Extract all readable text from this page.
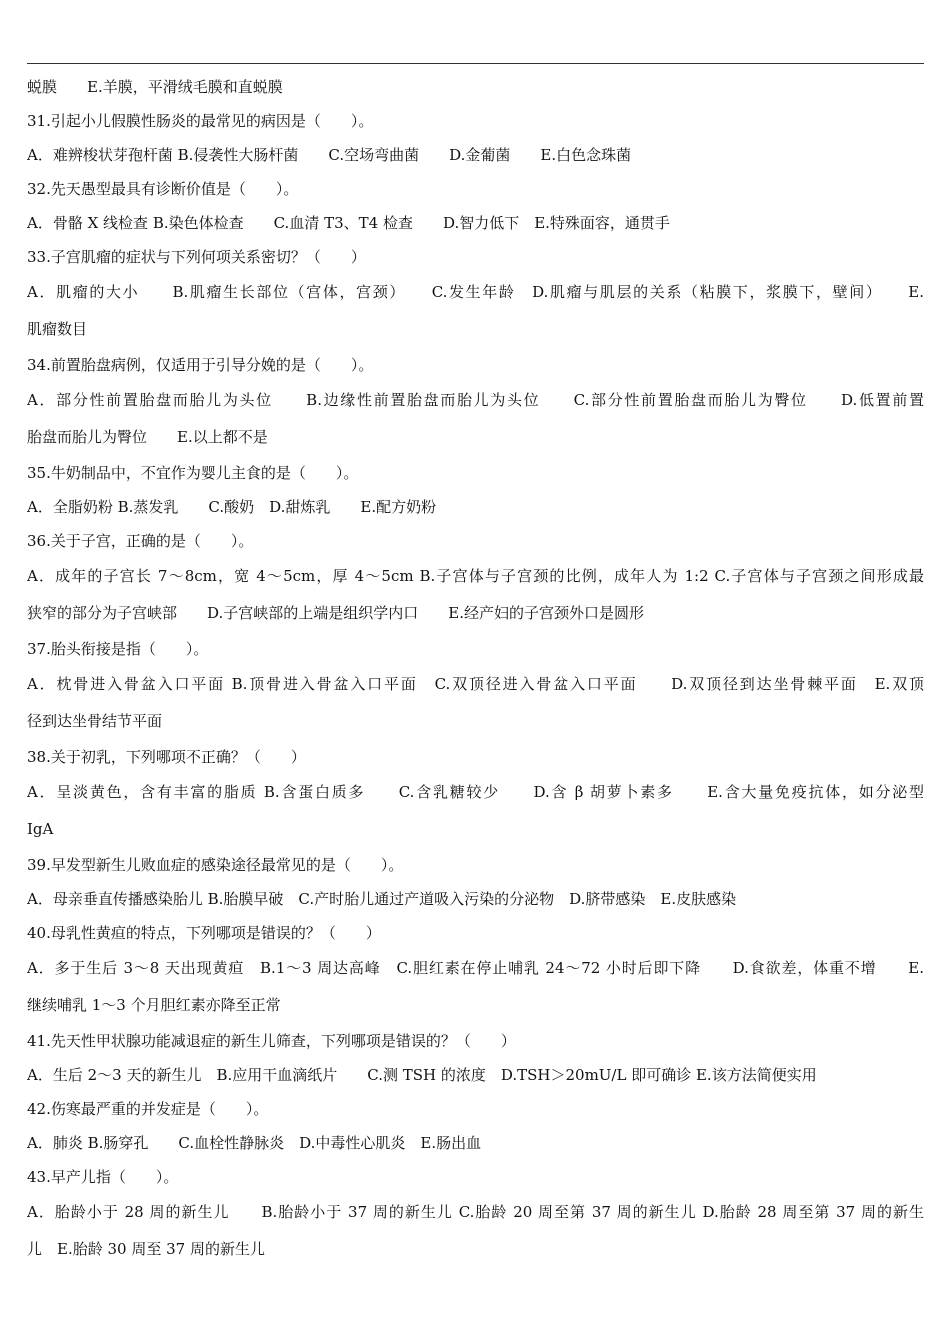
蜕膜　　E.羊膜，平滑绒毛膜和直蜕膜
31.引起小儿假膜性肠炎的最常见的病因是（　　）。
A．难辨梭状芽孢杆菌 B.侵袭性大肠杆菌　　C.空场弯曲菌　　D.金葡菌　　E.白色念珠菌
32.先天愚型最具有诊断价值是（　　）。
A．骨骼 X 线检查 B.染色体检查　　C.血清 T3、T4 检查　　D.智力低下　E.特殊面容，通贯手
33.子宫肌瘤的症状与下列何项关系密切？（　　）
A．肌瘤的大小　　B.肌瘤生长部位（宫体，宫颈）　　C.发生年龄　D.肌瘤与肌层的关系（粘膜下，浆膜下，壁间）　　E.
肌瘤数目
34.前置胎盘病例，仅适用于引导分娩的是（　　）。
A．部分性前置胎盘而胎儿为头位　　B.边缘性前置胎盘而胎儿为头位　　C.部分性前置胎盘而胎儿为臀位　　D.低置前置
胎盘而胎儿为臀位　　E.以上都不是
35.牛奶制品中，不宜作为婴儿主食的是（　　）。
A．全脂奶粉 B.蒸发乳　　C.酸奶　D.甜炼乳　　E.配方奶粉
36.关于子宫，正确的是（　　）。
A．成年的子宫长 7～8cm，宽 4～5cm，厚 4～5cm B.子宫体与子宫颈的比例，成年人为 1:2 C.子宫体与子宫颈之间形成最
狭窄的部分为子宫峡部　　D.子宫峡部的上端是组织学内口　　E.经产妇的子宫颈外口是圆形
37.胎头衔接是指（　　）。
A．枕骨进入骨盆入口平面 B.顶骨进入骨盆入口平面　C.双顶径进入骨盆入口平面　　D.双顶径到达坐骨棘平面　E.双顶
径到达坐骨结节平面
38.关于初乳，下列哪项不正确？（　　）
A．呈淡黄色，含有丰富的脂质 B.含蛋白质多　　C.含乳糖较少　　D.含 β 胡萝卜素多　　E.含大量免疫抗体，如分泌型
IgA
39.早发型新生儿败血症的感染途径最常见的是（　　）。
A．母亲垂直传播感染胎儿 B.胎膜早破　C.产时胎儿通过产道吸入污染的分泌物　D.脐带感染　E.皮肤感染
40.母乳性黄疸的特点，下列哪项是错误的？（　　）
A．多于生后 3～8 天出现黄疸　B.1～3 周达高峰　C.胆红素在停止哺乳 24～72 小时后即下降　　D.食欲差，体重不增　　E.
继续哺乳 1～3 个月胆红素亦降至正常
41.先天性甲状腺功能减退症的新生儿筛查，下列哪项是错误的？（　　）
A．生后 2～3 天的新生儿　B.应用干血滴纸片　　C.测 TSH 的浓度　D.TSH＞20mU/L 即可确诊 E.该方法简便实用
42.伤寒最严重的并发症是（　　）。
A．肺炎 B.肠穿孔　　C.血栓性静脉炎　D.中毒性心肌炎　E.肠出血
43.早产儿指（　　）。
A．胎龄小于 28 周的新生儿　　B.胎龄小于 37 周的新生儿 C.胎龄 20 周至第 37 周的新生儿 D.胎龄 28 周至第 37 周的新生
儿　E.胎龄 30 周至 37 周的新生儿
